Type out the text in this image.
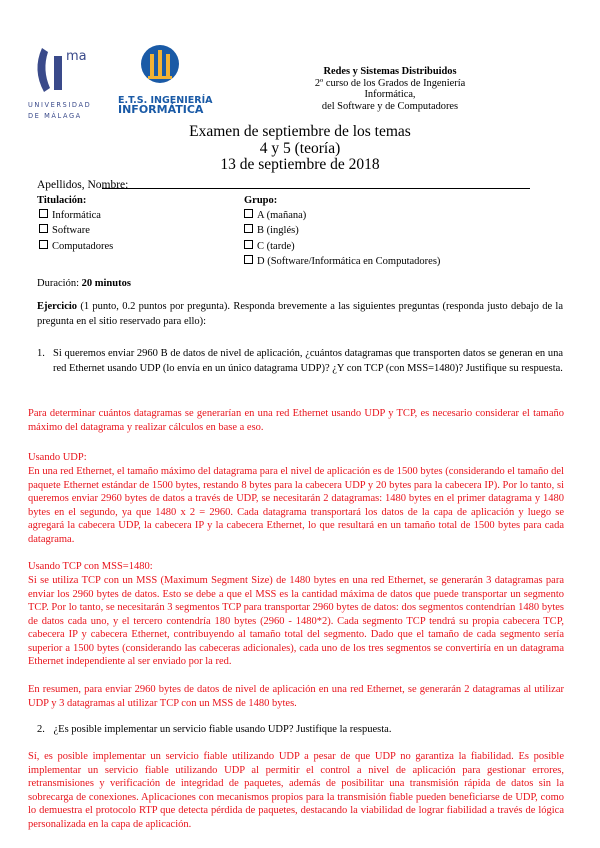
ma
UNIVERSIDAD
DE MÁLAGA
E.T.S. INGENIERÍA
INFORMÁTICA
Redes y Sistemas Distribuidos
2º curso de los Grados de Ingeniería
Informática,
del Software y de Computadores
Examen de septiembre de los temas
4 y 5 (teoría)
13 de septiembre de 2018
Apellidos, Nombre:
Titulación:
Informática
Software
Computadores
Grupo:
A (mañana)
B (inglés)
C (tarde)
D (Software/Informática en Computadores)
Duración: 20 minutos
Ejercicio (1 punto, 0.2 puntos por pregunta). Responda brevemente a las siguientes preguntas (responda justo debajo de la pregunta en el sitio reservado para ello):
1. Si queremos enviar 2960 B de datos de nivel de aplicación, ¿cuántos datagramas que transporten datos se generan en una red Ethernet usando UDP (lo envía en un único datagrama UDP)? ¿Y con TCP (con MSS=1480)? Justifique su respuesta.
Para determinar cuántos datagramas se generarían en una red Ethernet usando UDP y TCP, es necesario considerar el tamaño máximo del datagrama y realizar cálculos en base a eso.
Usando UDP:
En una red Ethernet, el tamaño máximo del datagrama para el nivel de aplicación es de 1500 bytes (considerando el tamaño del paquete Ethernet estándar de 1500 bytes, restando 8 bytes para la cabecera UDP y 20 bytes para la cabecera IP). Por lo tanto, si queremos enviar 2960 bytes de datos a través de UDP, se necesitarán 2 datagramas: 1480 bytes en el primer datagrama y 1480 bytes en el segundo, ya que 1480 x 2 = 2960. Cada datagrama transportará los datos de la capa de aplicación y luego se agregará la cabecera UDP, la cabecera IP y la cabecera Ethernet, lo que resultará en un tamaño total de 1500 bytes para cada datagrama.
Usando TCP con MSS=1480:
Si se utiliza TCP con un MSS (Maximum Segment Size) de 1480 bytes en una red Ethernet, se generarán 3 datagramas para enviar los 2960 bytes de datos. Esto se debe a que el MSS es la cantidad máxima de datos que puede transportar un segmento TCP. Por lo tanto, se necesitarán 3 segmentos TCP para transportar 2960 bytes de datos: dos segmentos contendrían 1480 bytes de datos cada uno, y el tercero contendría 180 bytes (2960 - 1480*2). Cada segmento TCP tendrá su propia cabecera TCP, cabecera IP y cabecera Ethernet, contribuyendo al tamaño total del segmento. Dado que el tamaño de cada segmento sería superior a 1500 bytes (considerando las cabeceras adicionales), cada uno de los tres segmentos se convertiría en un datagrama Ethernet independiente al ser enviado por la red.
En resumen, para enviar 2960 bytes de datos de nivel de aplicación en una red Ethernet, se generarán 2 datagramas al utilizar UDP y 3 datagramas al utilizar TCP con un MSS de 1480 bytes.
2. ¿Es posible implementar un servicio fiable usando UDP? Justifique la respuesta.
Sí, es posible implementar un servicio fiable utilizando UDP a pesar de que UDP no garantiza la fiabilidad. Es posible implementar un servicio fiable utilizando UDP al permitir el control a nivel de aplicación para gestionar errores, retransmisiones y verificación de integridad de paquetes, además de posibilitar una transmisión rápida de datos sin la sobrecarga de conexiones. Aplicaciones con mecanismos propios para la transmisión fiable pueden beneficiarse de UDP, como lo demuestra el protocolo RTP que detecta pérdida de paquetes, destacando la viabilidad de lograr fiabilidad a través de lógica personalizada en la capa de aplicación.
